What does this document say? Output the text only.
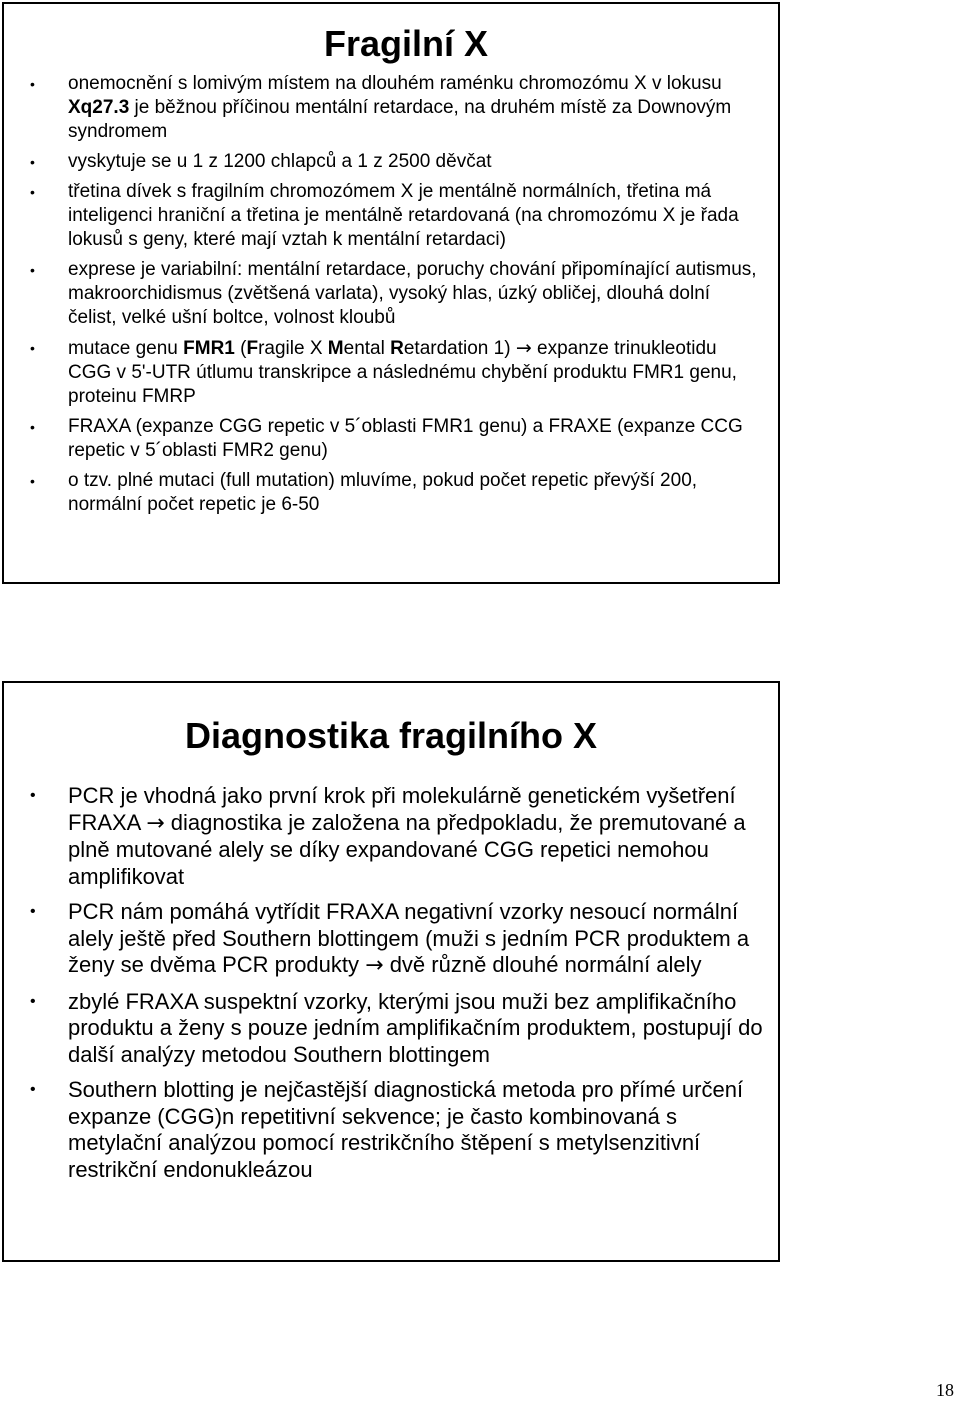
Fragilní X
• onemocnění s lomivým místem na dlouhém raménku chromozómu X v lokusu Xq27.3 je běžnou příčinou mentální retardace, na druhém místě za Downovým syndromem
• vyskytuje se u 1 z 1200 chlapců a 1 z 2500 děvčat
• třetina dívek s fragilním chromozómem X je mentálně normálních, třetina má inteligenci hraniční a třetina je mentálně retardovaná (na chromozómu X je řada lokusů s geny, které mají vztah k mentální retardaci)
• exprese je variabilní: mentální retardace, poruchy chování připomínající autismus, makroorchidismus (zvětšená varlata), vysoký hlas, úzký obličej, dlouhá dolní čelist, velké ušní boltce, volnost kloubů
• mutace genu FMR1 (Fragile X Mental Retardation 1) → expanze trinukleotidu CGG v 5'-UTR útlumu transkripce a následnému chybění produktu FMR1 genu, proteinu FMRP
• FRAXA (expanze CGG repetic v 5´oblasti FMR1 genu) a FRAXE (expanze CCG repetic v 5´oblasti FMR2 genu)
• o tzv. plné mutaci (full mutation) mluvíme, pokud počet repetic převýší 200, normální počet repetic je 6-50
Diagnostika fragilního X
• PCR je vhodná jako první krok při molekulárně genetickém vyšetření FRAXA → diagnostika je založena na předpokladu, že premutované a plně mutované alely se díky expandované CGG repetici nemohou amplifikovat
• PCR nám pomáhá vytřídit FRAXA negativní vzorky nesoucí normální alely ještě před Southern blottingem (muži s jedním PCR produktem a ženy se dvěma PCR produkty → dvě různě dlouhé normální alely
• zbylé FRAXA suspektní vzorky, kterými jsou muži bez amplifikačního produktu a ženy s pouze jedním amplifikačním produktem, postupují do další analýzy metodou Southern blottingem
• Southern blotting je nejčastější diagnostická metoda pro přímé určení expanze (CGG)n repetitivní sekvence; je často kombinovaná s metylační analýzou pomocí restrikčního štěpení s metylsenzitivní restrikční endonukleázou
18
